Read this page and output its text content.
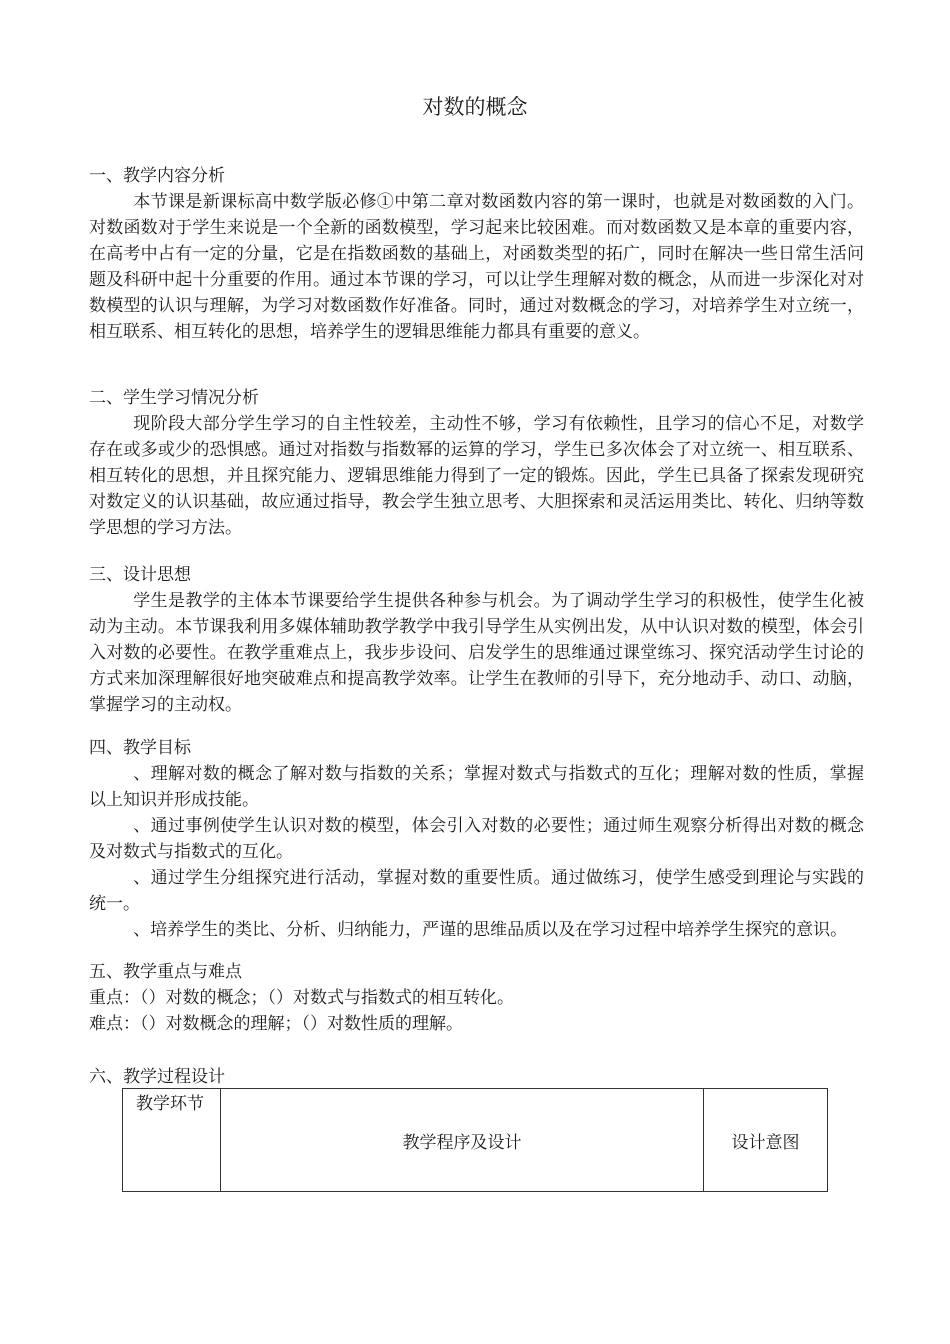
对数的概念
一、教学内容分析

本节课是新课标高中数学版必修①中第二章对数函数内容的第一课时，也就是对数函数的入门。对数函数对于学生来说是一个全新的函数模型，学习起来比较困难。而对数函数又是本章的重要内容，在高考中占有一定的分量，它是在指数函数的基础上，对函数类型的拓广，同时在解决一些日常生活问题及科研中起十分重要的作用。通过本节课的学习，可以让学生理解对数的概念，从而进一步深化对对数模型的认识与理解，为学习对数函数作好准备。同时，通过对数概念的学习，对培养学生对立统一，相互联系、相互转化的思想，培养学生的逻辑思维能力都具有重要的意义。

二、学生学习情况分析

现阶段大部分学生学习的自主性较差，主动性不够，学习有依赖性，且学习的信心不足，对数学存在或多或少的恐惧感。通过对指数与指数幂的运算的学习，学生已多次体会了对立统一、相互联系、相互转化的思想，并且探究能力、逻辑思维能力得到了一定的锻炼。因此，学生已具备了探索发现研究对数定义的认识基础，故应通过指导，教会学生独立思考、大胆探索和灵活运用类比、转化、归纳等数学思想的学习方法。

三、设计思想

学生是教学的主体本节课要给学生提供各种参与机会。为了调动学生学习的积极性，使学生化被动为主动。本节课我利用多媒体辅助教学教学中我引导学生从实例出发，从中认识对数的模型，体会引入对数的必要性。在教学重难点上，我步步设问、启发学生的思维通过课堂练习、探究活动学生讨论的方式来加深理解很好地突破难点和提高教学效率。让学生在教师的引导下，充分地动手、动口、动脑，掌握学习的主动权。

四、教学目标

、理解对数的概念了解对数与指数的关系；掌握对数式与指数式的互化；理解对数的性质，掌握以上知识并形成技能。

、通过事例使学生认识对数的模型，体会引入对数的必要性；通过师生观察分析得出对数的概念及对数式与指数式的互化。

、通过学生分组探究进行活动，掌握对数的重要性质。通过做练习，使学生感受到理论与实践的统一。

、培养学生的类比、分析、归纳能力，严谨的思维品质以及在学习过程中培养学生探究的意识。

五、教学重点与难点
重点：（）对数的概念；（）对数式与指数式的相互转化。
难点：（）对数概念的理解；（）对数性质的理解。
六、教学过程设计
教学环节	教学程序及设计	设计意图
